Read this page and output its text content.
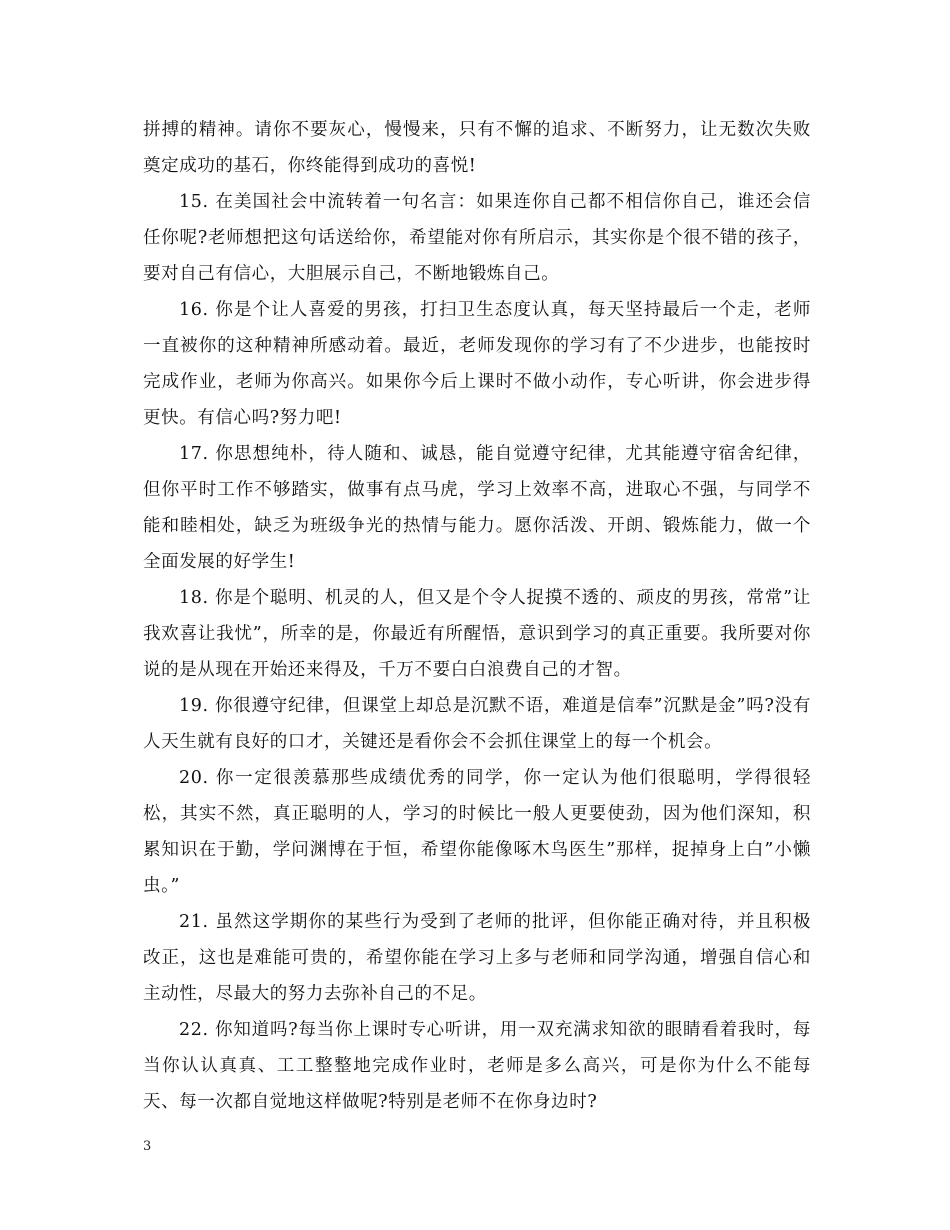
拼搏的精神。请你不要灰心，慢慢来，只有不懈的追求、不断努力，让无数次失败奠定成功的基石，你终能得到成功的喜悦!

15. 在美国社会中流转着一句名言：如果连你自己都不相信你自己，谁还会信任你呢?老师想把这句话送给你，希望能对你有所启示，其实你是个很不错的孩子，要对自己有信心，大胆展示自己，不断地锻炼自己。

16. 你是个让人喜爱的男孩，打扫卫生态度认真，每天坚持最后一个走，老师一直被你的这种精神所感动着。最近，老师发现你的学习有了不少进步，也能按时完成作业，老师为你高兴。如果你今后上课时不做小动作，专心听讲，你会进步得更快。有信心吗?努力吧!

17. 你思想纯朴，待人随和、诚恳，能自觉遵守纪律，尤其能遵守宿舍纪律，但你平时工作不够踏实，做事有点马虎，学习上效率不高，进取心不强，与同学不能和睦相处，缺乏为班级争光的热情与能力。愿你活泼、开朗、锻炼能力，做一个全面发展的好学生!

18. 你是个聪明、机灵的人，但又是个令人捉摸不透的、顽皮的男孩，常常”让我欢喜让我忧”，所幸的是，你最近有所醒悟，意识到学习的真正重要。我所要对你说的是从现在开始还来得及，千万不要白白浪费自己的才智。

19. 你很遵守纪律，但课堂上却总是沉默不语，难道是信奉”沉默是金”吗?没有人天生就有良好的口才，关键还是看你会不会抓住课堂上的每一个机会。

20. 你一定很羡慕那些成绩优秀的同学，你一定认为他们很聪明，学得很轻松，其实不然，真正聪明的人，学习的时候比一般人更要使劲，因为他们深知，积累知识在于勤，学问渊博在于恒，希望你能像啄木鸟医生”那样，捉掉身上白”小懒虫。”

21. 虽然这学期你的某些行为受到了老师的批评，但你能正确对待，并且积极改正，这也是难能可贵的，希望你能在学习上多与老师和同学沟通，增强自信心和主动性，尽最大的努力去弥补自己的不足。

22. 你知道吗?每当你上课时专心听讲，用一双充满求知欲的眼睛看着我时，每当你认认真真、工工整整地完成作业时，老师是多么高兴，可是你为什么不能每天、每一次都自觉地这样做呢?特别是老师不在你身边时?

3
